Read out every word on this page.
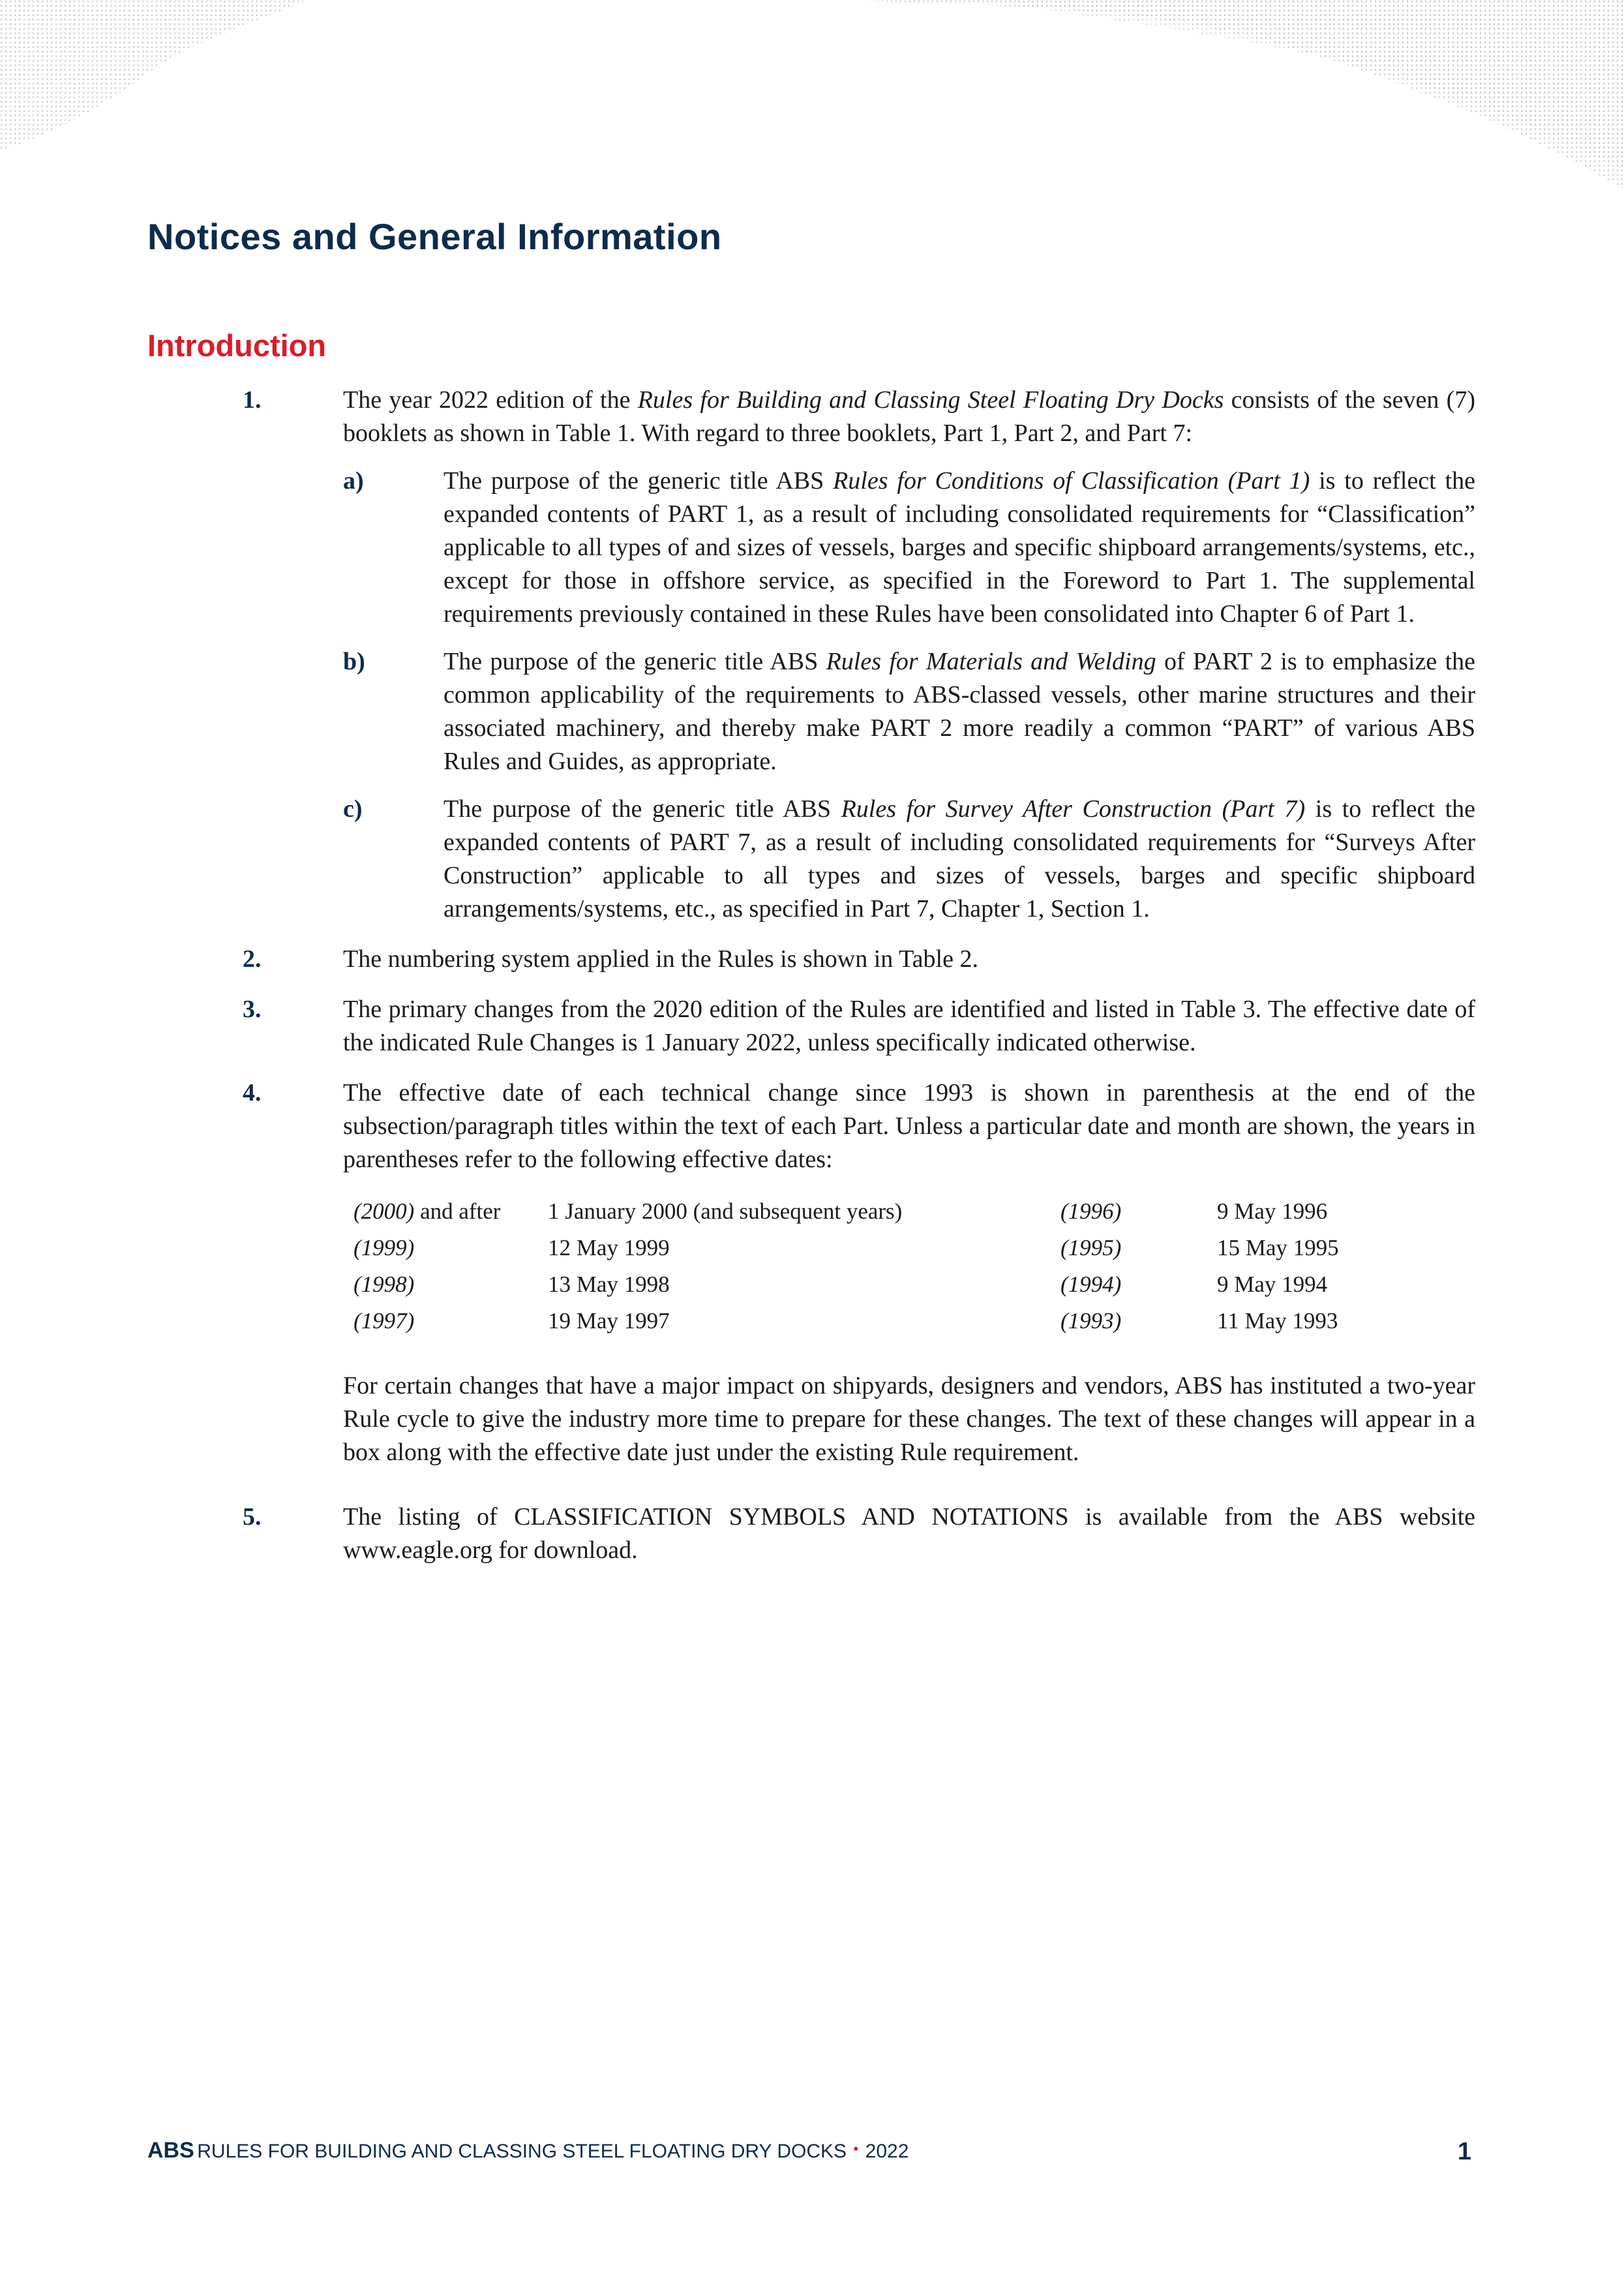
Notices and General Information
Introduction
1.	The year 2022 edition of the Rules for Building and Classing Steel Floating Dry Docks consists of the seven (7) booklets as shown in Table 1. With regard to three booklets, Part 1, Part 2, and Part 7:
a)	The purpose of the generic title ABS Rules for Conditions of Classification (Part 1) is to reflect the expanded contents of PART 1, as a result of including consolidated requirements for “Classification” applicable to all types of and sizes of vessels, barges and specific shipboard arrangements/systems, etc., except for those in offshore service, as specified in the Foreword to Part 1. The supplemental requirements previously contained in these Rules have been consolidated into Chapter 6 of Part 1.
b)	The purpose of the generic title ABS Rules for Materials and Welding of PART 2 is to emphasize the common applicability of the requirements to ABS-classed vessels, other marine structures and their associated machinery, and thereby make PART 2 more readily a common “PART” of various ABS Rules and Guides, as appropriate.
c)	The purpose of the generic title ABS Rules for Survey After Construction (Part 7) is to reflect the expanded contents of PART 7, as a result of including consolidated requirements for “Surveys After Construction” applicable to all types and sizes of vessels, barges and specific shipboard arrangements/systems, etc., as specified in Part 7, Chapter 1, Section 1.
2.	The numbering system applied in the Rules is shown in Table 2.
3.	The primary changes from the 2020 edition of the Rules are identified and listed in Table 3. The effective date of the indicated Rule Changes is 1 January 2022, unless specifically indicated otherwise.
4.	The effective date of each technical change since 1993 is shown in parenthesis at the end of the subsection/paragraph titles within the text of each Part. Unless a particular date and month are shown, the years in parentheses refer to the following effective dates:
(2000) and after	1 January 2000 (and subsequent years)	(1996)	9 May 1996
(1999)	12 May 1999	(1995)	15 May 1995
(1998)	13 May 1998	(1994)	9 May 1994
(1997)	19 May 1997	(1993)	11 May 1993
For certain changes that have a major impact on shipyards, designers and vendors, ABS has instituted a two-year Rule cycle to give the industry more time to prepare for these changes. The text of these changes will appear in a box along with the effective date just under the existing Rule requirement.
5.	The listing of CLASSIFICATION SYMBOLS AND NOTATIONS is available from the ABS website www.eagle.org for download.
ABS RULES FOR BUILDING AND CLASSING STEEL FLOATING DRY DOCKS • 2022	1
